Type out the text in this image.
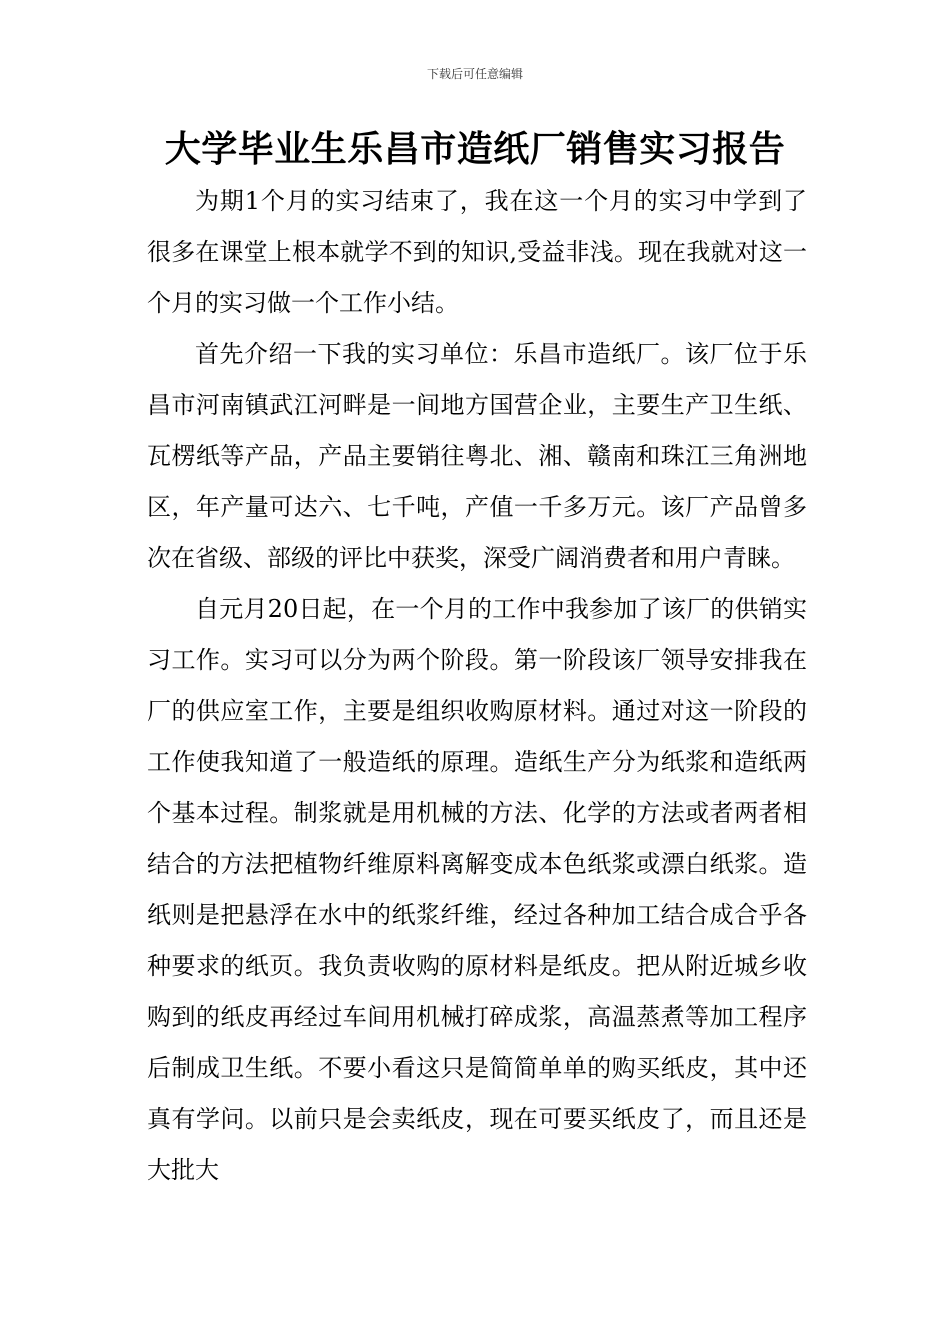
下载后可任意编辑
大学毕业生乐昌市造纸厂销售实习报告

为期1个月的实习结束了，我在这一个月的实习中学到了很多在课堂上根本就学不到的知识,受益非浅。现在我就对这一个月的实习做一个工作小结。

首先介绍一下我的实习单位：乐昌市造纸厂。该厂位于乐昌市河南镇武江河畔是一间地方国营企业，主要生产卫生纸、瓦楞纸等产品，产品主要销往粤北、湘、赣南和珠江三角洲地区，年产量可达六、七千吨，产值一千多万元。该厂产品曾多次在省级、部级的评比中获奖，深受广阔消费者和用户青睐。

自元月20日起，在一个月的工作中我参加了该厂的供销实习工作。实习可以分为两个阶段。第一阶段该厂领导安排我在厂的供应室工作，主要是组织收购原材料。通过对这一阶段的工作使我知道了一般造纸的原理。造纸生产分为纸浆和造纸两个基本过程。制浆就是用机械的方法、化学的方法或者两者相结合的方法把植物纤维原料离解变成本色纸浆或漂白纸浆。造纸则是把悬浮在水中的纸浆纤维，经过各种加工结合成合乎各种要求的纸页。我负责收购的原材料是纸皮。把从附近城乡收购到的纸皮再经过车间用机械打碎成浆，高温蒸煮等加工程序后制成卫生纸。不要小看这只是简简单单的购买纸皮，其中还真有学问。以前只是会卖纸皮，现在可要买纸皮了，而且还是大批大
